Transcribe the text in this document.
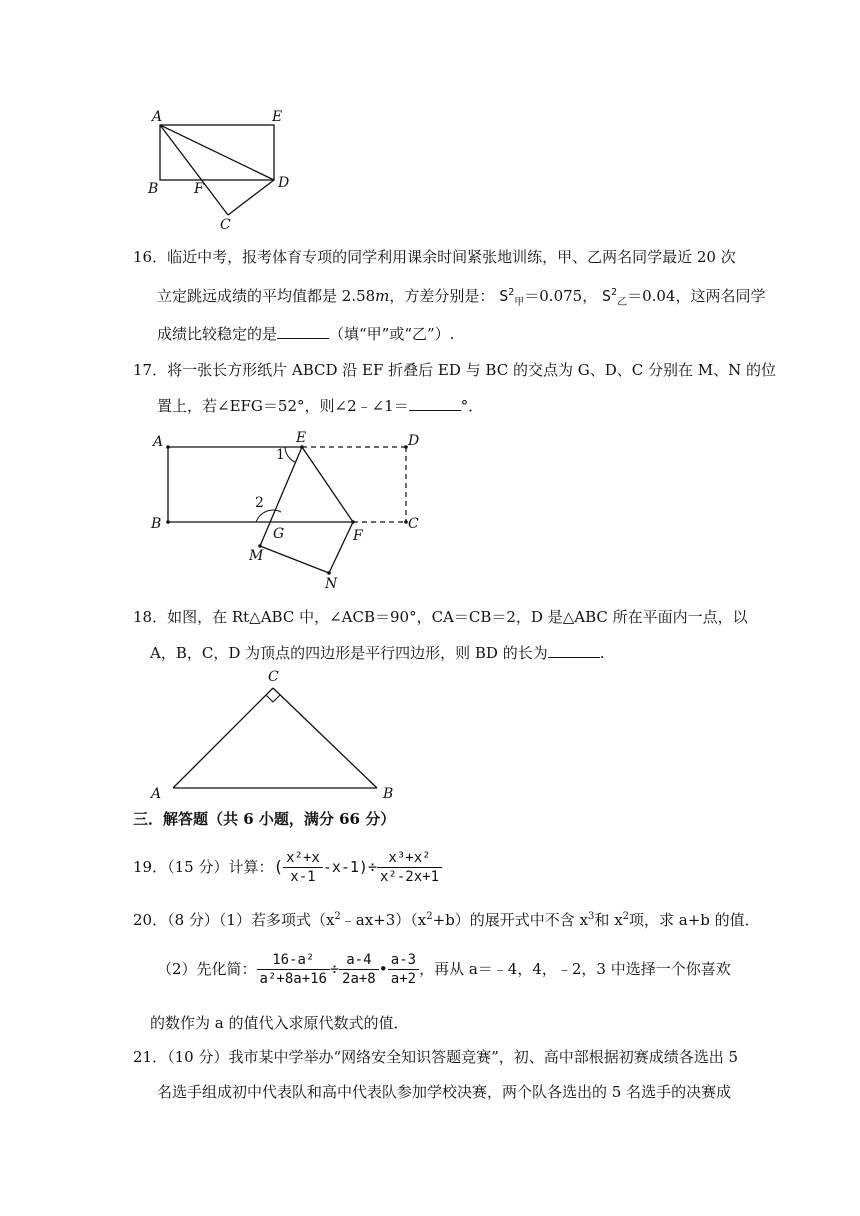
A	E
B	F	D
C
16．临近中考，报考体育专项的同学利用课余时间紧张地训练，甲、乙两名同学最近 20 次
立定跳远成绩的平均值都是 2.58m，方差分别是： $S^2_甲=0.075$， $S^2_乙=0.04$，这两名同学
成绩比较稳定的是	（填“甲”或“乙”）.
17．将一张长方形纸片 ABCD 沿 EF 折叠后 ED 与 BC 的交点为 G、D、C 分别在 M、N 的位
置上，若∠EFG＝52°，则∠2﹣∠1＝	°．
A	E	D
B
G	F
C
M
N
1
2
18．如图，在 Rt△ABC 中，∠ACB＝90°，CA＝CB＝2，D 是△ABC 所在平面内一点，以
A，B，C，D 为顶点的四边形是平行四边形，则 BD 的长为	.
C
A	B
三．解答题（共 6 小题，满分 66 分）
19．（15 分）计算： ( $\frac{\text{x²+x}}{x-1} -x-1)\div \frac{\text{x³+x²}}{\text{x²-2x+1}}$
20．（8 分）（1）若多项式$(x^2﹣ax+3)(x^2+b)$的展开式中不含 $x^3$和 $x^2$项，求 a+b 的值．
（2）先化简： $\frac{\text{16-a²}}{\text{a²+8a+16}} \div \frac{a-4}{2a+8}$ • $\frac{a-3}{a+2}$ ，再从 a＝﹣4，4，﹣2，3 中选择一个你喜欢
的数作为 a 的值代入求原代数式的值．
21．（10 分）我市某中学举办“网络安全知识答题竞赛”，初、高中部根据初赛成绩各选出 5
名选手组成初中代表队和高中代表队参加学校决赛，两个队各选出的 5 名选手的决赛成
